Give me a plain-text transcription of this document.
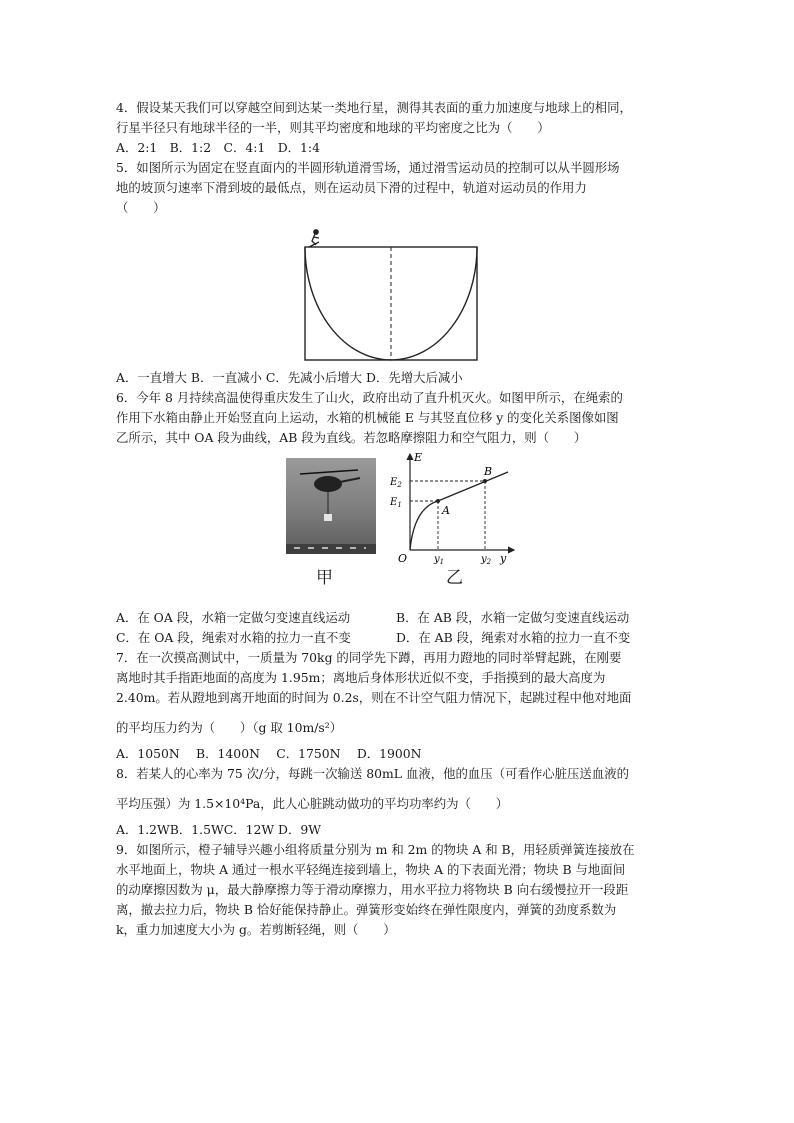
4．假设某天我们可以穿越空间到达某一类地行星，测得其表面的重力加速度与地球上的相同，

行星半径只有地球半径的一半，则其平均密度和地球的平均密度之比为（　　）

A．2:1　B．1:2　C．4:1　D．1:4

5．如图所示为固定在竖直面内的半圆形轨道滑雪场，通过滑雪运动员的控制可以从半圆形场

地的坡顶匀速率下滑到坡的最低点，则在运动员下滑的过程中，轨道对运动员的作用力

（　　）

A．一直增大 B．一直减小 C．先减小后增大 D．先增大后减小

6．今年 8 月持续高温使得重庆发生了山火，政府出动了直升机灭火。如图甲所示，在绳索的

作用下水箱由静止开始竖直向上运动，水箱的机械能 E 与其竖直位移 y 的变化关系图像如图

乙所示，其中 OA 段为曲线，AB 段为直线。若忽略摩擦阻力和空气阻力，则（　　）

甲
E
$E_2$
$E_1$	A
B
O	$y_1$	$y_2$ y
乙
A．在 OA 段，水箱一定做匀变速直线运动	B．在 AB 段，水箱一定做匀变速直线运动
C．在 OA 段，绳索对水箱的拉力一直不变	D．在 AB 段，绳索对水箱的拉力一直不变

7．在一次摸高测试中，一质量为 70kg 的同学先下蹲，再用力蹬地的同时举臂起跳，在刚要

离地时其手指距地面的高度为 1.95m；离地后身体形状近似不变，手指摸到的最大高度为

2.40m。若从蹬地到离开地面的时间为 0.2s，则在不计空气阻力情况下，起跳过程中他对地面

的平均压力约为（　　）（g 取 10m/s²）

A．1050N　 B．1400N　 C．1750N　 D．1900N

8．若某人的心率为 75 次/分，每跳一次输送 80mL 血液，他的血压（可看作心脏压送血液的

平均压强）为 1.5×10⁴Pa，此人心脏跳动做功的平均功率约为（　　）

A．1.2WB．1.5WC．12W D．9W

9．如图所示，橙子辅导兴趣小组将质量分别为 m 和 2m 的物块 A 和 B，用轻质弹簧连接放在

水平地面上，物块 A 通过一根水平轻绳连接到墙上，物块 A 的下表面光滑；物块 B 与地面间

的动摩擦因数为 μ，最大静摩擦力等于滑动摩擦力，用水平拉力将物块 B 向右缓慢拉开一段距

离，撤去拉力后，物块 B 恰好能保持静止。弹簧形变始终在弹性限度内，弹簧的劲度系数为

k，重力加速度大小为 g。若剪断轻绳，则（　　）
